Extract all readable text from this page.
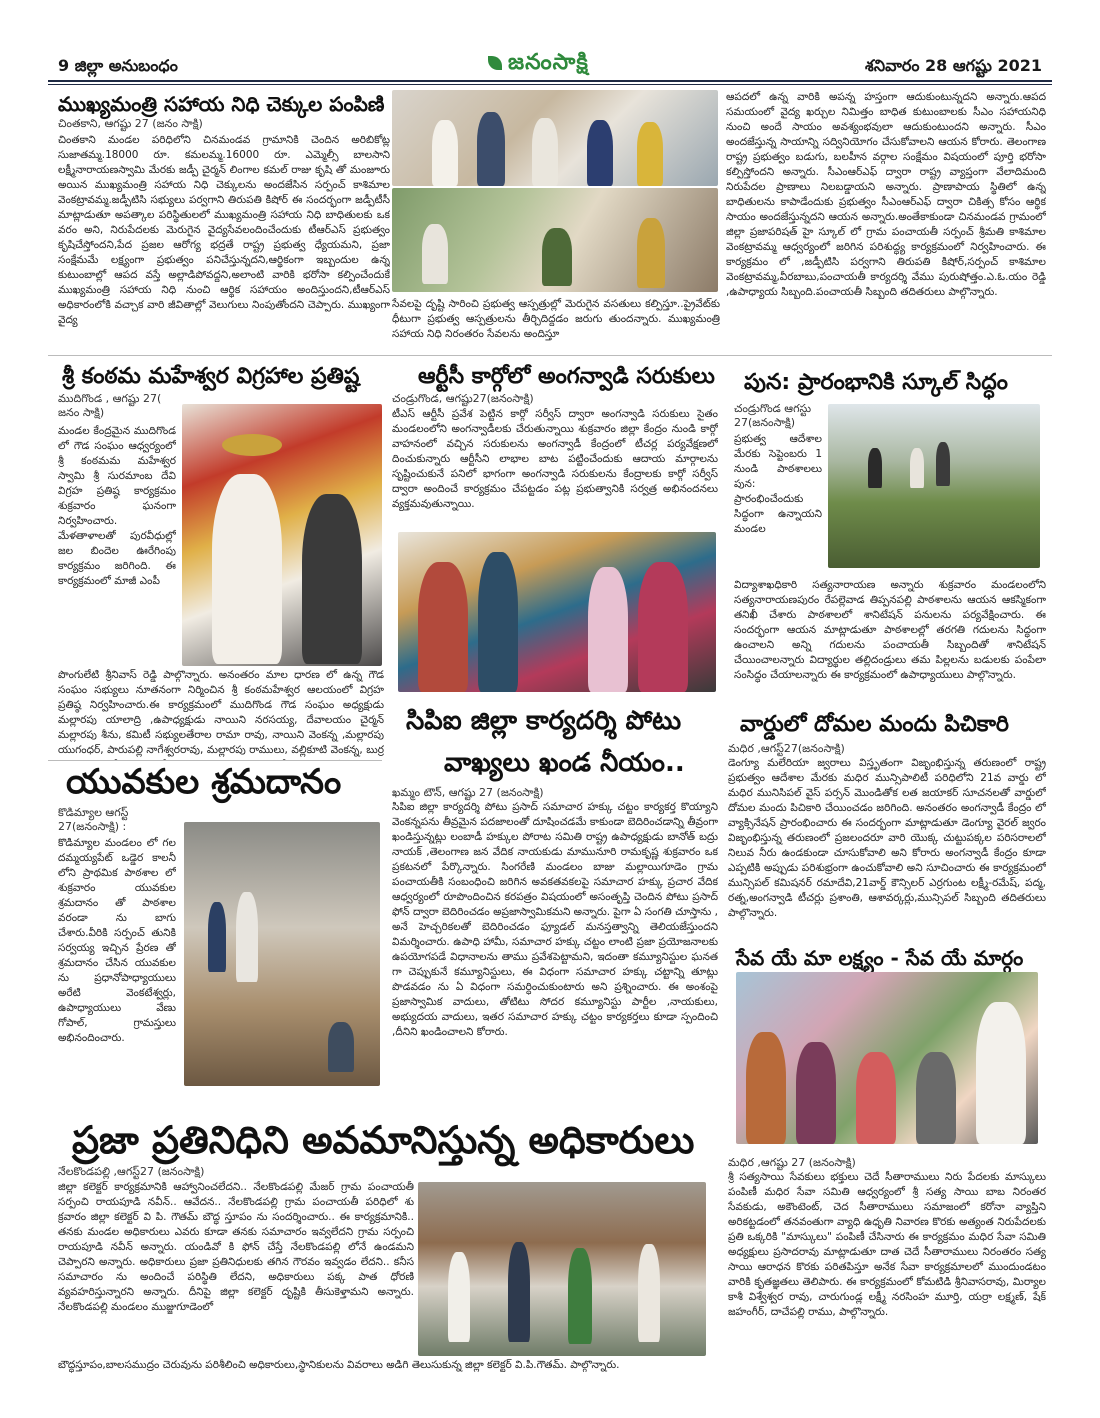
9 జిల్లా అనుబంధం	జనంసాక్షి	శనివారం 28 ఆగష్టు 2021
ముఖ్యమంత్రి సహాయ నిధి చెక్కుల పంపిణి
చింతకాని, ఆగష్టు 27 (జనం సాక్షి)
చింతకాని మండల పరిధిలోని చినమండవ గ్రామానికి చెందిన అరిబికోట్ల సుజాతమ్మ.18000 రూ. కమలమ్మ.16000 రూ. ఎమ్మెల్సీ బాలసాని లక్ష్మీనారాయణస్వామి మేరకు జడ్పీ చైర్మన్ లింగాల కమల్ రాజు కృషి తో మంజూరు అయిన ముఖ్యమంత్రి సహాయ నిధి చెక్కులను అందజేసిన సర్పంచ్ కాశిమాల వెంకట్రావమ్మ.జడ్పీటిసి సభ్యులు పర్వగాని తిరుపతి కిషోర్ ఈ సందర్భంగా జడ్పీటీసీ మాట్లాడుతూ అపత్కాల పరిస్థితులలో ముఖ్యమంత్రి సహాయ నిధి బాధితులకు ఒక వరం అని, నిరుపేదలకు మెరుగైన వైద్యసేవలందించేందుకు టీఆర్ఎస్ ప్రభుత్వం కృషిచేస్తోందని,పేద ప్రజల ఆరోగ్య భద్రతే రాష్ట్ర ప్రభుత్వ ధ్యేయమని, ప్రజా సంక్షేమమే లక్ష్యంగా ప్రభుత్వం పనిచేస్తున్నదని,ఆర్థికంగా ఇబ్బందుల ఉన్న కుటుంబాల్లో ఆపద వస్తే అల్లాడిపోవద్దని,అలాంటి వారికి భరోసా కల్పించేందుకే ముఖ్యమంత్రి సహాయ నిధి నుంచి ఆర్థిక సహాయం అందిస్తుందని,టీఆర్ఎస్ అధికారంలోకి వచ్చాక వారి జీవితాల్లో వెలుగులు నింపుతోందని చెప్పారు. ముఖ్యంగా వైద్య
సేవలపై దృష్టి సారించి ప్రభుత్వ ఆస్పత్రుల్లో మెరుగైన వసతులు కల్పిస్తూ..ప్రైవేట్‌కు ధీటుగా ప్రభుత్వ ఆస్పత్రులను తీర్చిదిద్దడం జరుగు తుందన్నారు. ముఖ్యమంత్రి సహాయ నిధి నిరంతరం సేవలను అందిస్తూ
ఆపదలో ఉన్న వారికి అపన్న హస్తంగా ఆదుకుంటున్నదని అన్నారు.ఆపద సమయంలో వైద్య ఖర్చుల నిమిత్తం బాధిత కుటుంబాలకు సీఎం సహాయనిధి నుంచి అందే సాయం అవశ్యంభవులా ఆదుకుంటుందని అన్నారు. సీఎం అందజేస్తున్న సాయాన్ని సద్వినియోగం చేసుకోవాలని ఆయన కోరారు. తెలంగాణ రాష్ట్ర ప్రభుత్వం బడుగు, బలహీన వర్గాల సంక్షేమం విషయంలో పూర్తి భరోసా కల్పిస్తోందని అన్నారు. సీఎంఆర్ఎఫ్ ద్వారా రాష్ట్ర వ్యాప్తంగా వేలాదిమంది నిరుపేదల ప్రాణాలు నిలబడ్డాయని అన్నారు. ప్రాణాపాయ స్థితిలో ఉన్న బాధితులను కాపాడేందుకు ప్రభుత్వం సీఎంఆర్ఎఫ్ ద్వారా చికిత్స కోసం ఆర్థిక సాయం అందజేస్తున్నదని ఆయన అన్నారు.అంతేకాకుండా చినమండవ గ్రామంలో జిల్లా ప్రజాపరిషత్ హై స్కూల్ లో గ్రామ పంచాయతీ సర్పంచ్ శ్రీమతి కాశిమాల వెంకట్రావమ్మ ఆధ్వర్యంలో జరిగిన పరిశుద్ధ్య కార్యక్రమంలో నిర్వహించారు. ఈ కార్యక్రమం లో ,జడ్పీటిసి పర్వగాని తిరుపతి కిషోర్,సర్పంచ్ కాశిమాల వెంకట్రావమ్మ,వీరబాబు,పంచాయతీ కార్యదర్శి వేము పురుషోత్తం.ఎ.ఓ.యం రెడ్డి ,ఉపాధ్యాయ సిబ్బంది.పంచాయతీ సిబ్బంది తదితరులు పాల్గొన్నారు.
శ్రీ కంఠమ మహేశ్వర విగ్రహాల ప్రతిష్ట
ముదిగొండ , ఆగష్టు 27( జనం సాక్షి)
మండల కేంద్రమైన ముదిగొండ లో గౌడ సంఘం ఆధ్వర్యంలో శ్రీ కంఠమమ మహేశ్వర స్వామి శ్రీ సురమాంబ దేవి విగ్రహ ప్రతిష్ఠ కార్యక్రమం శుక్రవారం ఘనంగా నిర్వహించారు. మేళతాళాలతో పురవీధుల్లో జల బిందెల ఊరేగింపు కార్యక్రమం జరిగింది. ఈ కార్యక్రమంలో మాజీ ఎంపీ
పొంగులేటి శ్రీనివాస్ రెడ్డి పాల్గొన్నారు. అనంతరం మాల ధారణ లో ఉన్న గౌడ సంఘం సభ్యులు నూతనంగా నిర్మించిన శ్రీ కంఠమహేశ్వర ఆలయంలో విగ్రహ ప్రతిష్ఠ నిర్వహించారు.ఈ కార్యక్రమంలో ముదిగొండ గౌడ సంఘం అధ్యక్షుడు మల్లారపు యాలాద్రి ,ఉపాధ్యక్షుడు నాయిని నరసయ్య, దేవాలయం చైర్మన్ మల్లారపు శీను, కమిటీ సభ్యులతేరాల రామా రావు, నాయిని వెంకన్న ,మల్లారపు యుగంధర్, పారుపల్లి నాగేశ్వరరావు, మల్లారపు రాములు, వల్లికూటి వెంకన్న, బుర్ర
ఆర్టీసీ కార్గోలో అంగన్వాడి సరుకులు
చండ్రుగొండ, ఆగష్టు27(జనంసాక్షి)
టీఎస్ ఆర్టీసీ ప్రవేశ పెట్టిన కార్గో సర్వీస్ ద్వారా అంగన్వాడి సరుకులు సైతం మండలంలోని అంగన్వాడీలకు చేరుతున్నాయి శుక్రవారం జిల్లా కేంద్రం నుండి కార్గో వాహనంలో వచ్చిన సరుకులను అంగన్వాడీ కేంద్రంలో టీచర్ల పర్యవేక్షణలో దించుకున్నారు ఆర్టీసీని లాభాల బాట పట్టించేందుకు ఆదాయ మార్గాలను సృష్టించుకునే పనిలో భాగంగా అంగన్వాడి సరుకులను కేంద్రాలకు కార్గో సర్వీస్ ద్వారా అందించే కార్యక్రమం చేపట్టడం పట్ల ప్రభుత్వానికి సర్వత్ర అభినందనలు వ్యక్తమవుతున్నాయి.
పున: ప్రారంభానికి స్కూల్ సిద్ధం
చండ్రుగొండ ఆగస్టు 27(జనంసాక్షి)
ప్రభుత్వ ఆదేశాల మేరకు సెప్టెంబరు 1 నుండి పాఠశాలలు పున: ప్రారంభించేందుకు సిద్ధంగా ఉన్నాయని మండల
విద్యాశాఖధికారి సత్యనారాయణ అన్నారు శుక్రవారం మండలంలోని సత్యనారాయణపురం రేపల్లెవాడ తిప్పనపల్లి పాఠశాలను ఆయన ఆకస్మికంగా తనిఖీ చేశారు పాఠశాలలో శానిటేషన్ పనులను పర్యవేక్షించారు. ఈ సందర్భంగా ఆయన మాట్లాడుతూ పాఠశాలల్లో తరగతి గదులను సిద్ధంగా ఉంచాలని అన్ని గదులను పంచాయతీ సిబ్బందితో శానిటేషన్ చేయించాలన్నారు విద్యార్థుల తల్లిదండ్రులు తమ పిల్లలను బడులకు పంపేలా సంసిద్ధం చేయాలన్నారు ఈ కార్యక్రమంలో ఉపాధ్యాయులు పాల్గొన్నారు.
సిపిఐ జిల్లా కార్యదర్శి పోటు
వాఖ్యలు ఖండ నీయం..
ఖమ్మం టౌన్, ఆగష్టు 27 (జనంసాక్షి)
సిపిఐ జిల్లా కార్యదర్శి పోటు ప్రసాద్ సమాచార హక్కు చట్టం కార్యకర్త కొయ్యాని వెంకన్నపను తీవ్రమైన పదజాలంతో దూషించడమే కాకుండా బెదిరించడాన్ని తీవ్రంగా ఖండిస్తున్నట్లు లంబాడీ హక్కుల పోరాట సమితి రాష్ట్ర ఉపాధ్యక్షుడు బానోత్ బద్రు నాయక్ ,తెలంగాణ జన వేదిక నాయకుడు మామునూరి రామకృష్ణ శుక్రవారం ఒక ప్రకటనలో పేర్కొన్నారు. సింగరేణి మండలం బాజు మల్లాయిగూడెం గ్రామ పంచాయతీకి సంబంధించి జరిగిన అవకతవకలపై సమాచార హక్కు ప్రచార వేదిక ఆధ్వర్యంలో రూపొందించిన కరపత్రం విషయంలో అసంతృప్తి చెందిన పోటు ప్రసాద్ ఫోన్ ద్వారా బెదిరించడం అప్రజాస్వామికమని అన్నారు. పైగా ఏ సంగతి చూస్తాను , అనే హెచ్చరికలతో బెదిరించడం ఫ్యూడల్ మనస్తత్వాన్ని తెలియజేస్తుందని విమర్శించారు. ఉపాధి హామీ, సమాచార హక్కు చట్టం లాంటి ప్రజా ప్రయోజనాలకు ఉపయోగపడే విధానాలను తాము ప్రవేశపెట్టామని, ఇదంతా కమ్యూనిస్టుల ఘనత గా చెప్పుకునే కమ్యూనిస్టులు, ఈ విధంగా సమాచార హక్కు చట్టాన్ని తూట్లు పొడవడం ను ఏ విధంగా సమర్ధించుకుంటారు అని ప్రశ్నించారు. ఈ అంశంపై ప్రజాస్వామిక వాదులు, తోటిటు సోదర కమ్యూనిస్టు పార్టీల ,నాయకులు, అభ్యుదయ వాదులు, ఇతర సమాచార హక్కు చట్టం కార్యకర్తలు కూడా స్పందించి ,దీనిని ఖండించాలని కోరారు.
యువకుల శ్రమదానం
కొడిమ్యాల ఆగస్ట్ 27(జనంసాక్షి) :
కొడిమ్యాల మండలం లో గల దమ్మయ్యపేట్ ఒడ్డెర కాలనీ లోని ప్రాథమిక పాఠశాల లో శుక్రవారం యువకుల శ్రమదానం తో పాఠశాల వరండా ను బాగు చేశారు.వీరికి సర్పంచ్ తునికి సర్వయ్య ఇచ్చిన ప్రేరణ తో శ్రమదానం చేసిన యువకుల ను ప్రధానోపాధ్యాయులు అరేటి వెంకటేశ్వర్లు, ఉపాధ్యాయులు వేణు గోపాల్, గ్రామస్తులు అభినందించారు.
వార్డులో దోమల మందు పిచికారి
మధిర ,ఆగస్ట్27(జనంసాక్షి)
డెంగ్యూ మలేరియా జ్వరాలు విస్తృతంగా విజృంభిస్తున్న తరుణంలో రాష్ట్ర ప్రభుత్వం ఆదేశాల మేరకు మధిర మున్సిపాలిటీ పరిధిలోని 21వ వార్డు లో మధిర మునిసిపల్ వైస్ పర్సన్ మొండితోక లత జయాకర్ సూచనలతో వార్డులో దోమల మందు పిచికారి చేయించడం జరిగింది. అనంతరం అంగన్వాడీ కేంద్రం లో వ్యాక్సినేషన్ ప్రారంభించారు ఈ సందర్భంగా మాట్లాడుతూ డెంగ్యూ వైరల్ జ్వరం విజృంభిస్తున్న తరుణంలో ప్రజలందరూ వారి యొక్క చుట్టుపక్కల పరిసరాలలో నిలువ నీరు ఉండకుండా చూసుకోవాలి అని కోరారు అంగన్వాడీ కేంద్రం కూడా ఎప్పటికి అప్పుడు పరిశుభ్రంగా ఉంచుకోవాలి అని సూచించారు ఈ కార్యక్రమంలో మున్సిపల్ కమిషనర్ రమాదేవి,21వార్డ్ కౌన్సిలర్ ఎర్రగుంట లక్ష్మీ-రమేష్, పద్మ, రత్న,అంగన్వాడి టీచర్లు ప్రశాంతి, ఆశావర్కర్లు,మున్సిపల్ సిబ్బంది తదితరులు పాల్గొన్నారు.
సేవ యే మా లక్ష్యం - సేవ యే మార్గం
మధిర ,ఆగష్టు 27 (జనంసాక్షి)
శ్రీ సత్యసాయి సేవకులు భక్తులు చెదే సీతారాములు నిరు పేదలకు మాస్కులు పంపిణీ మధిర సేవా సమితి ఆధ్వర్యంలో శ్రీ సత్య సాయి బాబ నిరంతర సేవకుడు, అకౌంటెంట్, చెద సీతారాములు సమాజంలో కరోనా వ్యాప్తిని అరికట్టడంలో తనవంతుగా వ్యాధి ఉధృతి నివారణ కొరకు అత్యంత నిరుపేదలకు ప్రతి ఒక్కరికి "మాస్కులు" పంపిణీ చేసినారు ఈ కార్యక్రమం మధిర సేవా సమితి అధ్యక్షులు ప్రసాదరావు మాట్లాడుతూ దాత చెదే సీతారాములు నిరంతరం సత్య సాయి ఆరాధన కొరకు పరితపిస్తూ అనేక సేవా కార్యక్రమాలలో ముందుండటం వారికి కృతజ్ఞతలు తెలిపారు. ఈ కార్యక్రమంలో కోమటిడి శ్రీనివాసరావు, మిర్యాల కాశీ విశ్వేశ్వర రావు, చారుగుండ్ల లక్ష్మీ నరసింహ మూర్తి, యర్రా లక్ష్మణ్, షేక్ జహంగీర్, దాచేపల్లి రాము, పాల్గొన్నారు.
ప్రజా ప్రతినిధిని అవమానిస్తున్న అధికారులు
నేలకొండపల్లి ,ఆగస్ట్27 (జనంసాక్షి)
జిల్లా కలెక్టర్ కార్యక్రమానికి ఆహ్వానించలేదని.. నేలకొండపల్లి మేజర్ గ్రామ పంచాయతీ సర్పంచి రాయపూడి నవీన్.. ఆవేదన.. నేలకొండపల్లి గ్రామ పంచాయతీ పరిధిలో శు క్రవారం జిల్లా కలెక్టర్ వి పి. గౌతమ్ బౌద్ధ స్తూపం ను సందర్శించారు.. ఈ కార్యక్రమానికి.. తనకు మండల అధికారులు ఎవరు కూడా తనకు సమాచారం ఇవ్వలేదని గ్రామ సర్పంచి రాయపూడి నవీన్ అన్నారు. యండివో కి ఫోన్ చేస్తే నేలకొండపల్లి లోనే ఉండమని చెప్పారని అన్నారు. అధికారులు ప్రజా ప్రతినిధులకు తగిన గౌరవం ఇవ్వడం లేదని.. కనీస సమాచారం ను అందించే పరిస్థితి లేదని, అధికారులు పక్క పాత ధోరణి వ్యవహరిస్తున్నారని అన్నారు. దీనిపై జిల్లా కలెక్టర్ దృష్టికి తీసుకెళ్తామని అన్నారు. నేలకొండపల్లి మండలం ముజ్జుగూడెంలో
బౌద్ధస్తూపం,బాలసముద్రం చెరువును పరిశీలించి అధికారులు,స్థానికులను వివరాలు అడిగి తెలుసుకున్న జిల్లా కలెక్టర్ వి.పి.గౌతమ్. పాల్గొన్నారు.
